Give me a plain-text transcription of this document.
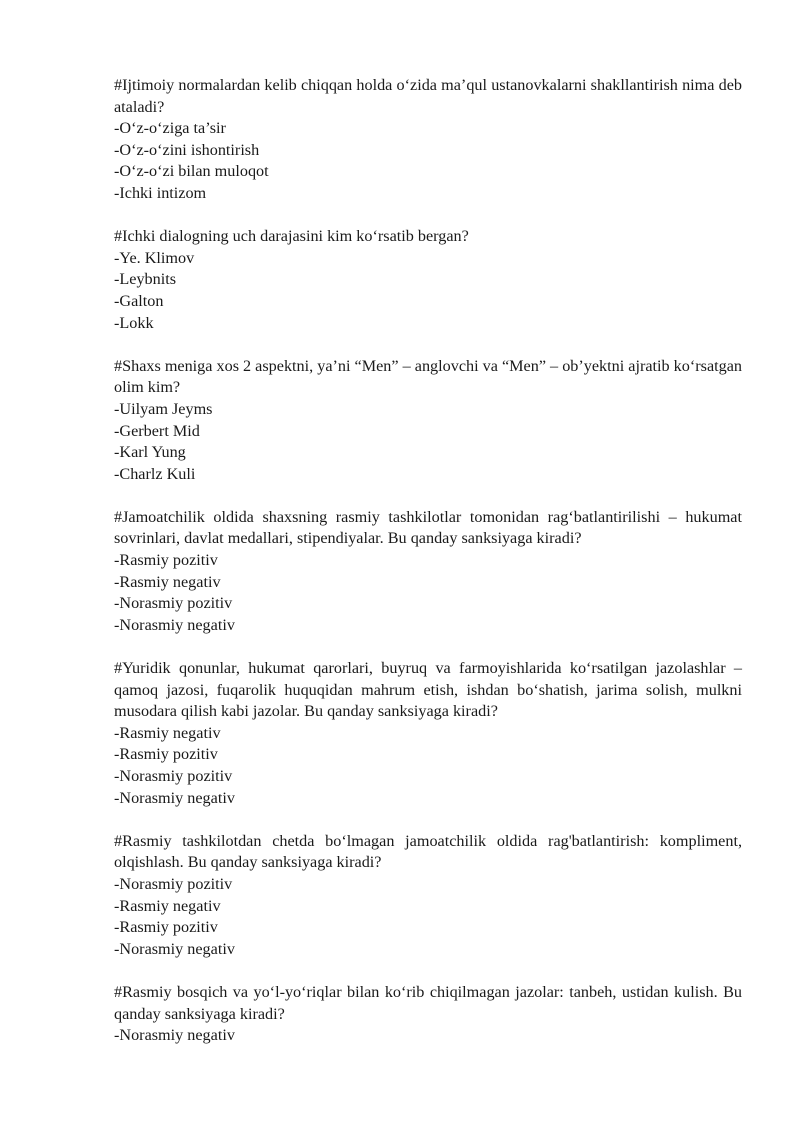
#Ijtimoiy normalardan kelib chiqqan holda o‘zida ma’qul ustanovkalarni shakllantirish nima deb ataladi?

-O‘z-o‘ziga ta’sir

-O‘z-o‘zini ishontirish

-O‘z-o‘zi bilan muloqot

-Ichki intizom

#Ichki dialogning uch darajasini kim ko‘rsatib bergan?

-Ye. Klimov

-Leybnits

-Galton

-Lokk

#Shaxs meniga xos 2 aspektni, ya’ni “Men” – anglovchi va “Men” – ob’yektni ajratib ko‘rsatgan olim kim?

-Uilyam Jeyms

-Gerbert Mid

-Karl Yung

-Charlz Kuli

#Jamoatchilik oldida shaxsning rasmiy tashkilotlar tomonidan rag‘batlantirilishi – hukumat sovrinlari, davlat medallari, stipendiyalar. Bu qanday sanksiyaga kiradi?

-Rasmiy pozitiv

-Rasmiy negativ

-Norasmiy pozitiv

-Norasmiy negativ

#Yuridik qonunlar, hukumat qarorlari, buyruq va farmoyishlarida ko‘rsatilgan jazolashlar – qamoq jazosi, fuqarolik huquqidan mahrum etish, ishdan bo‘shatish, jarima solish, mulkni musodara qilish kabi jazolar. Bu qanday sanksiyaga kiradi?

-Rasmiy negativ

-Rasmiy pozitiv

-Norasmiy pozitiv

-Norasmiy negativ

#Rasmiy tashkilotdan chetda bo‘lmagan jamoatchilik oldida rag'batlantirish: kompliment, olqishlash. Bu qanday sanksiyaga kiradi?

-Norasmiy pozitiv

-Rasmiy negativ

-Rasmiy pozitiv

-Norasmiy negativ

#Rasmiy bosqich va yo‘l-yo‘riqlar bilan ko‘rib chiqilmagan jazolar: tanbeh, ustidan kulish. Bu qanday sanksiyaga kiradi?

-Norasmiy negativ
